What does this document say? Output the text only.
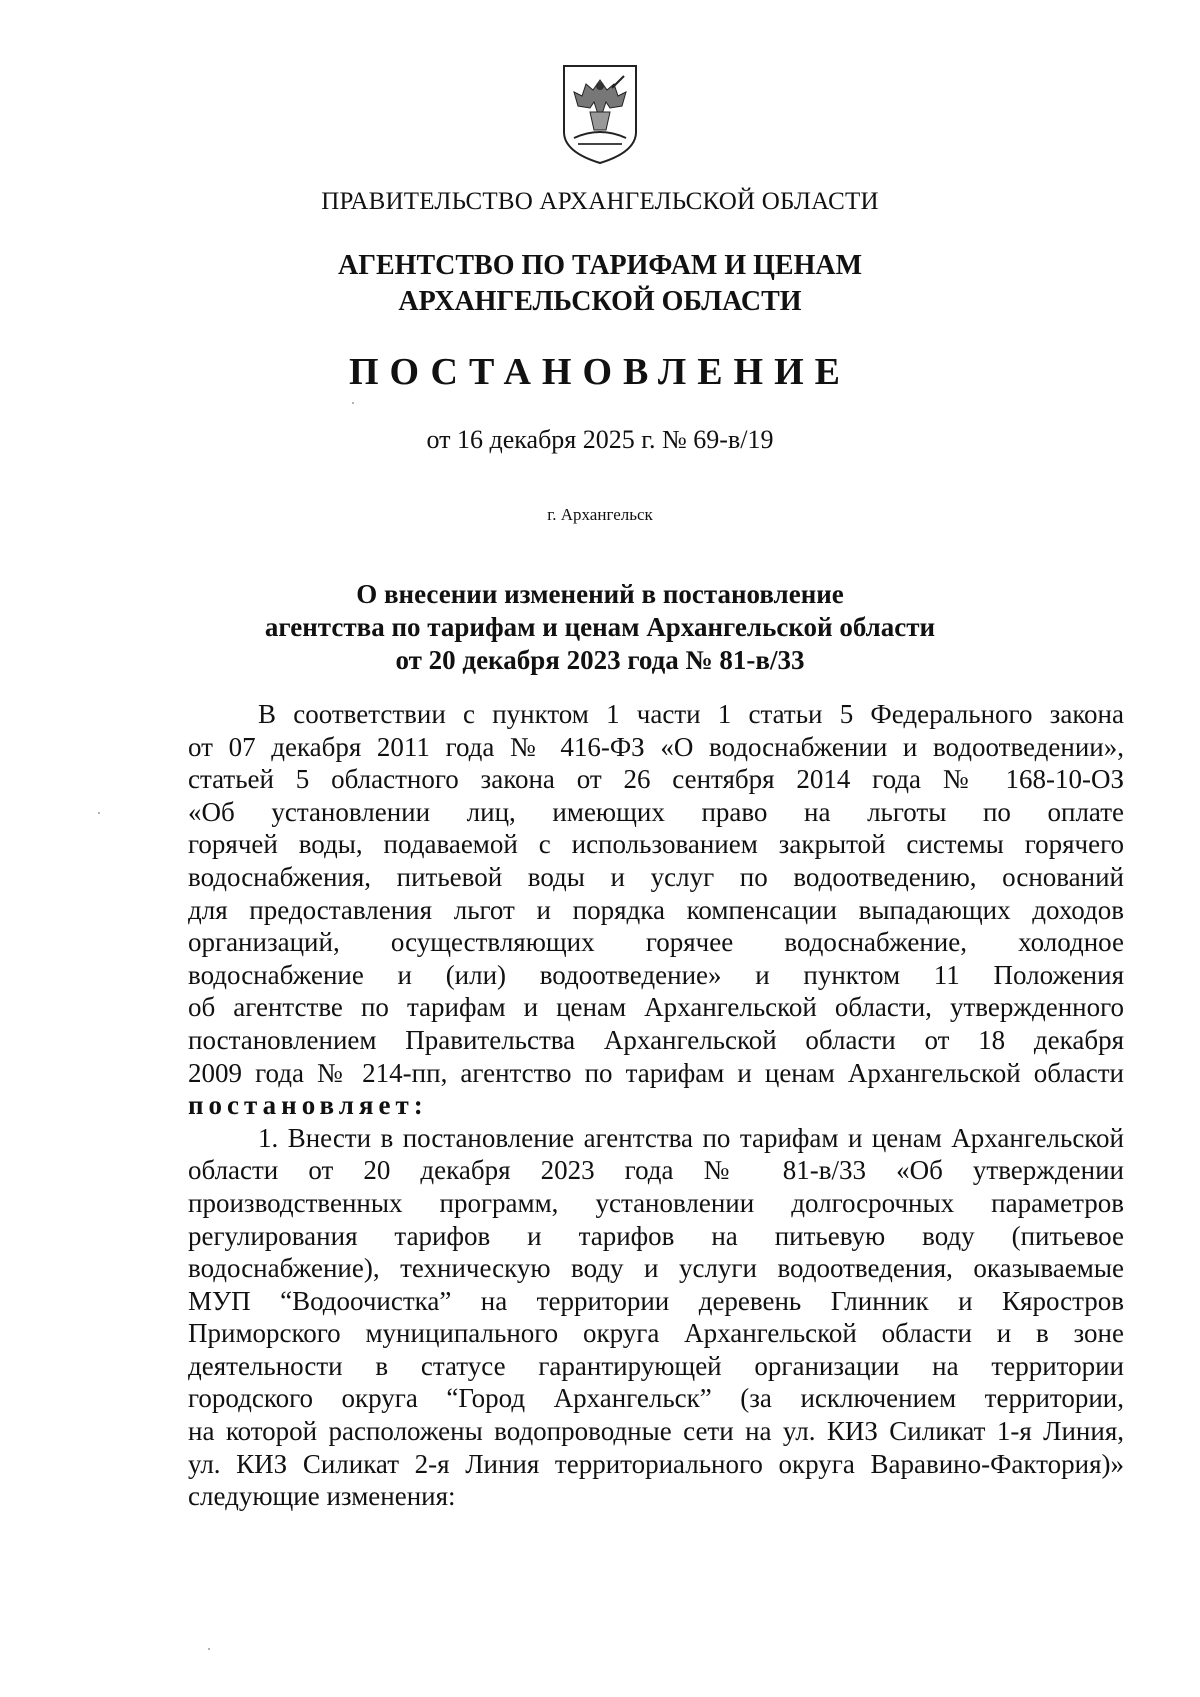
ПРАВИТЕЛЬСТВО АРХАНГЕЛЬСКОЙ ОБЛАСТИ
АГЕНТСТВО ПО ТАРИФАМ И ЦЕНАМ
АРХАНГЕЛЬСКОЙ ОБЛАСТИ
ПОСТАНОВЛЕНИЕ
от 16 декабря 2025 г. № 69-в/19
г. Архангельск
О внесении изменений в постановление
агентства по тарифам и ценам Архангельской области
от 20 декабря 2023 года № 81-в/33
В соответствии с пунктом 1 части 1 статьи 5 Федерального закона
от 07 декабря 2011 года № 416-ФЗ «О водоснабжении и водоотведении»,
статьей 5 областного закона от 26 сентября 2014 года № 168-10-ОЗ
«Об установлении лиц, имеющих право на льготы по оплате
горячей воды, подаваемой с использованием закрытой системы горячего
водоснабжения, питьевой воды и услуг по водоотведению, оснований
для предоставления льгот и порядка компенсации выпадающих доходов
организаций, осуществляющих горячее водоснабжение, холодное
водоснабжение и (или) водоотведение» и пунктом 11 Положения
об агентстве по тарифам и ценам Архангельской области, утвержденного
постановлением Правительства Архангельской области от 18 декабря
2009 года № 214-пп, агентство по тарифам и ценам Архангельской области
постановляет:
1. Внести в постановление агентства по тарифам и ценам Архангельской
области от 20 декабря 2023 года № 81-в/33 «Об утверждении
производственных программ, установлении долгосрочных параметров
регулирования тарифов и тарифов на питьевую воду (питьевое
водоснабжение), техническую воду и услуги водоотведения, оказываемые
МУП “Водоочистка” на территории деревень Глинник и Кяростров
Приморского муниципального округа Архангельской области и в зоне
деятельности в статусе гарантирующей организации на территории
городского округа “Город Архангельск” (за исключением территории,
на которой расположены водопроводные сети на ул. КИЗ Силикат 1-я Линия,
ул. КИЗ Силикат 2-я Линия территориального округа Варавино-Фактория)»
следующие изменения:
